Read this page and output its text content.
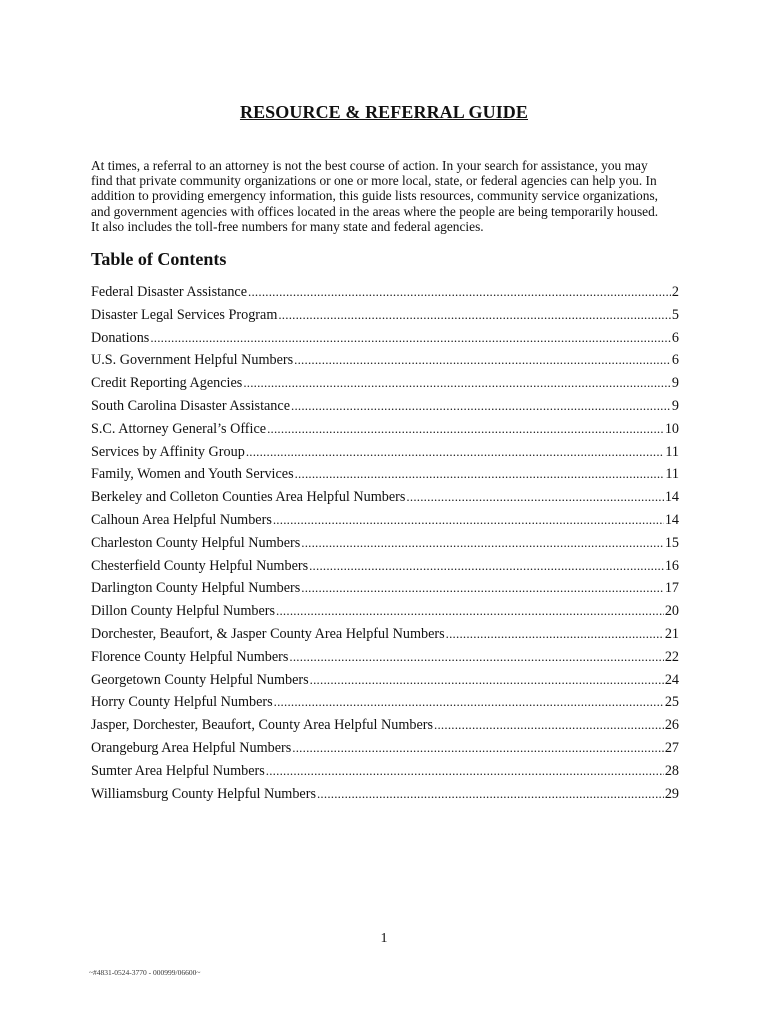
RESOURCE & REFERRAL GUIDE

At times, a referral to an attorney is not the best course of action. In your search for assistance, you may
find that private community organizations or one or more local, state, or federal agencies can help you. In
addition to providing emergency information, this guide lists resources, community service organizations,
and government agencies with offices located in the areas where the people are being temporarily housed.
It also includes the toll-free numbers for many state and federal agencies.

Table of Contents
Federal Disaster Assistance .....	2
Disaster Legal Services Program .....	5
Donations .....	6
U.S. Government Helpful Numbers .....	6
Credit Reporting Agencies .....	9
South Carolina Disaster Assistance .....	9
S.C. Attorney General’s Office .....	10
Services by Affinity Group .....	11
Family, Women and Youth Services .....	11
Berkeley and Colleton Counties Area Helpful Numbers .....	14
Calhoun Area Helpful Numbers .....	14
Charleston County Helpful Numbers .....	15
Chesterfield County Helpful Numbers .....	16
Darlington County Helpful Numbers .....	17
Dillon County Helpful Numbers .....	20
Dorchester, Beaufort, & Jasper County Area Helpful Numbers .....	21
Florence County Helpful Numbers .....	22
Georgetown County Helpful Numbers .....	24
Horry County Helpful Numbers .....	25
Jasper, Dorchester, Beaufort, County Area Helpful Numbers .....	26
Orangeburg Area Helpful Numbers .....	27
Sumter Area Helpful Numbers .....	28
Williamsburg County Helpful Numbers .....	29
1
~#4831-0524-3770 - 000999/06600~
